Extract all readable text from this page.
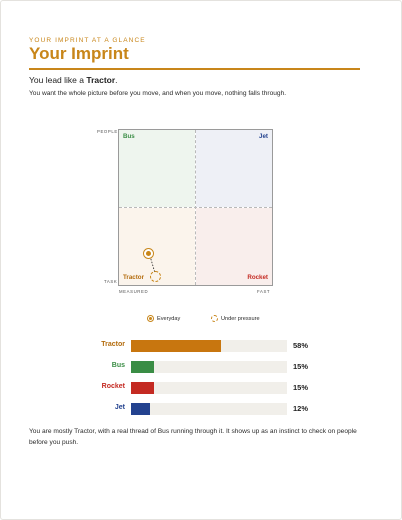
YOUR IMPRINT AT A GLANCE
Your Imprint
You lead like a Tractor.
You want the whole picture before you move, and when you move, nothing falls through.
PEOPLE
TASK
MEASURED	FAST
Bus	Jet
Tractor	Rocket
Everyday	Under pressure
Tractor	58%
Bus	15%
Rocket	15%
Jet	12%
You are mostly Tractor, with a real thread of Bus running through it. It shows up as an instinct to check on people before you push.
